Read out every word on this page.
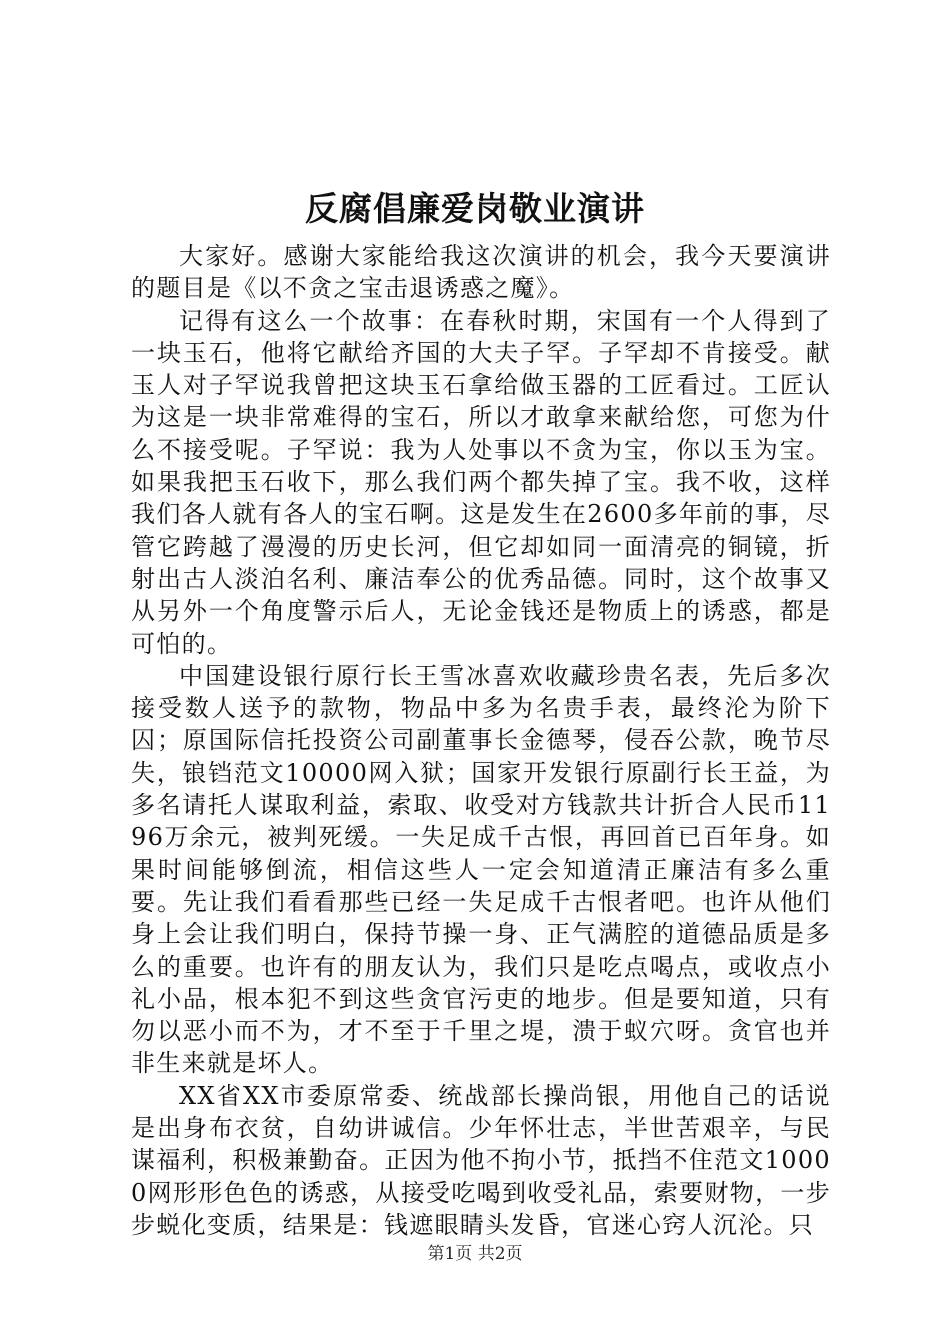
反腐倡廉爱岗敬业演讲

大家好。感谢大家能给我这次演讲的机会，我今天要演讲的题目是《以不贪之宝击退诱惑之魔》。

记得有这么一个故事：在春秋时期，宋国有一个人得到了一块玉石，他将它献给齐国的大夫子罕。子罕却不肯接受。献玉人对子罕说我曾把这块玉石拿给做玉器的工匠看过。工匠认为这是一块非常难得的宝石，所以才敢拿来献给您，可您为什么不接受呢。子罕说：我为人处事以不贪为宝，你以玉为宝。如果我把玉石收下，那么我们两个都失掉了宝。我不收，这样我们各人就有各人的宝石啊。这是发生在2600多年前的事，尽管它跨越了漫漫的历史长河，但它却如同一面清亮的铜镜，折射出古人淡泊名利、廉洁奉公的优秀品德。同时，这个故事又从另外一个角度警示后人，无论金钱还是物质上的诱惑，都是可怕的。

中国建设银行原行长王雪冰喜欢收藏珍贵名表，先后多次接受数人送予的款物，物品中多为名贵手表，最终沦为阶下囚；原国际信托投资公司副董事长金德琴，侵吞公款，晚节尽失，锒铛范文10000网入狱；国家开发银行原副行长王益，为多名请托人谋取利益，索取、收受对方钱款共计折合人民币1196万余元，被判死缓。一失足成千古恨，再回首已百年身。如果时间能够倒流，相信这些人一定会知道清正廉洁有多么重要。先让我们看看那些已经一失足成千古恨者吧。也许从他们身上会让我们明白，保持节操一身、正气满腔的道德品质是多么的重要。也许有的朋友认为，我们只是吃点喝点，或收点小礼小品，根本犯不到这些贪官污吏的地步。但是要知道，只有勿以恶小而不为，才不至于千里之堤，溃于蚁穴呀。贪官也并非生来就是坏人。

XX省XX市委原常委、统战部长操尚银，用他自己的话说是出身布衣贫，自幼讲诚信。少年怀壮志，半世苦艰辛，与民谋福利，积极兼勤奋。正因为他不拘小节，抵挡不住范文10000网形形色色的诱惑，从接受吃喝到收受礼品，索要财物，一步步蜕化变质，结果是：钱遮眼睛头发昏，官迷心窍人沉沦。只

第1页 共2页
